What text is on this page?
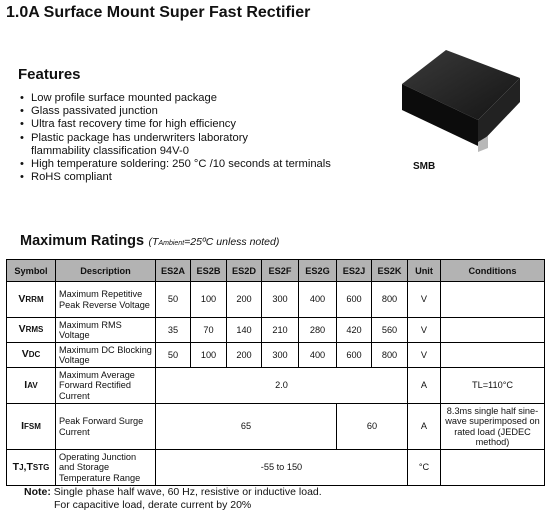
1.0A Surface Mount Super Fast Rectifier
Features
• Low profile surface mounted package
• Glass passivated junction
• Ultra fast recovery time for high efficiency
• Plastic package has underwriters laboratory
flammability classification 94V-0
• High temperature soldering: 250 °C /10 seconds at terminals
• RoHS compliant
SMB
Maximum Ratings (TAmbient=25ºC unless noted)
Symbol	Description	ES2A	ES2B	ES2D	ES2F	ES2G	ES2J	ES2K	Unit	Conditions
VRRM	Maximum Repetitive Peak Reverse Voltage	50	100	200	300	400	600	800	V	
VRMS	Maximum RMS Voltage	35	70	140	210	280	420	560	V	
VDC	Maximum DC Blocking Voltage	50	100	200	300	400	600	800	V	
IAV	Maximum Average Forward Rectified Current	2.0							A	TL=110°C
IFSM	Peak Forward Surge Current	65					60		A	8.3ms single half sine-wave superimposed on rated load (JEDEC method)
TJ,TSTG	Operating Junction and Storage Temperature Range	-55 to 150							°C	
Note: Single phase half wave, 60 Hz, resistive or inductive load.
For capacitive load, derate current by 20%
